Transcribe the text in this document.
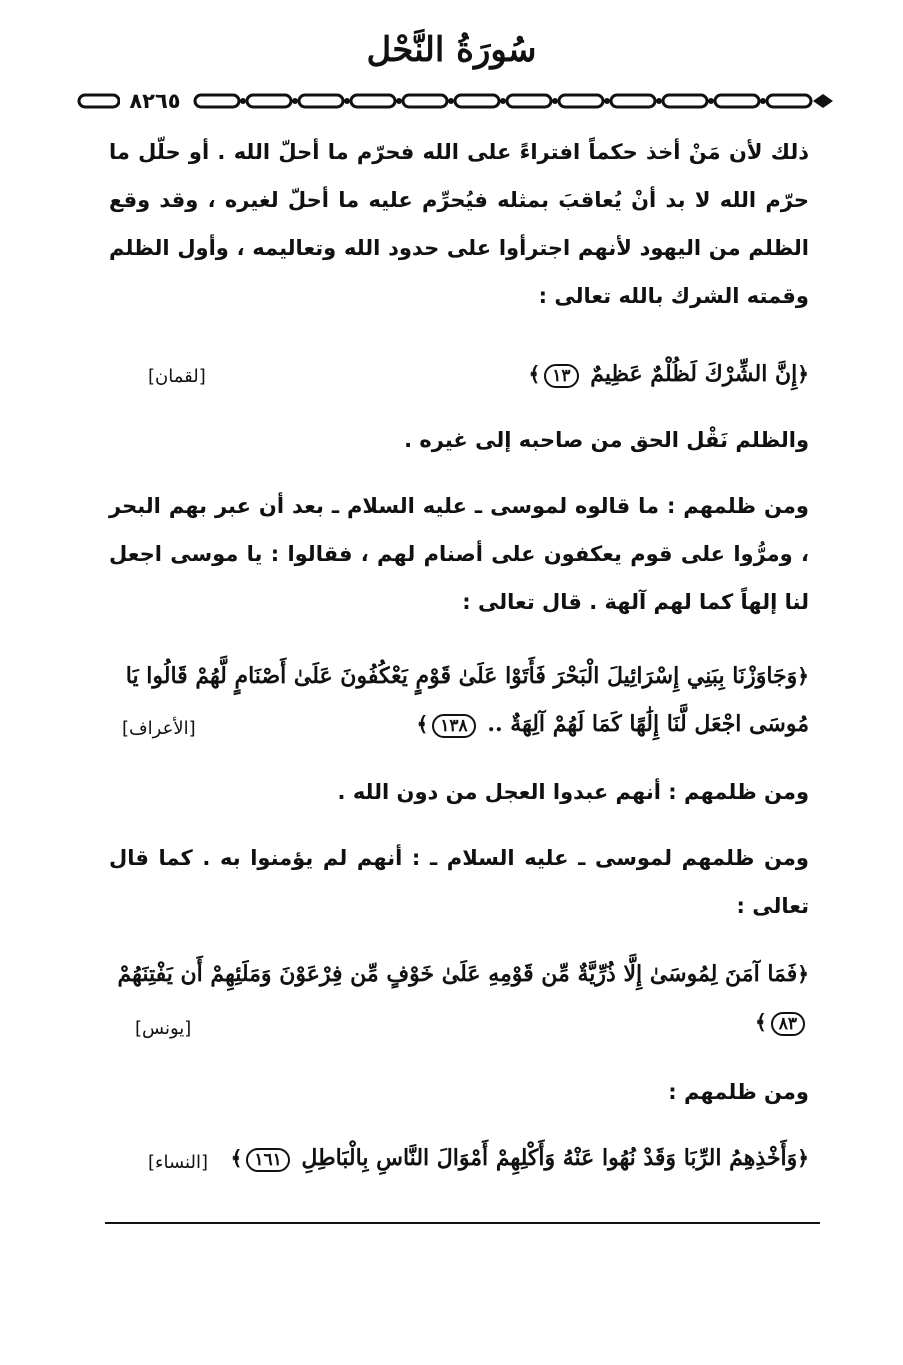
سُورَةُ النَّحْل
٨٢٦٥

ذلك لأن مَنْ أخذ حكماً افتراءً على الله فحرّم ما أحلّ الله . أو حلّل ما حرّم الله لا بد أنْ يُعاقبَ بمثله فيُحرِّم عليه ما أحلّ لغيره ، وقد وقع الظلم من اليهود لأنهم اجترأوا على حدود الله وتعاليمه ، وأول الظلم وقمته الشرك بالله تعالى :

﴿إِنَّ الشِّرْكَ لَظُلْمٌ عَظِيمٌ ١٣﴾
[لقمان]

والظلم نَقْل الحق من صاحبه إلى غيره .

ومن ظلمهم : ما قالوه لموسى ـ عليه السلام ـ بعد أن عبر بهم البحر ، ومرُّوا على قوم يعكفون على أصنام لهم ، فقالوا : يا موسى اجعل لنا إلهاً كما لهم آلهة . قال تعالى :

﴿وَجَاوَزْنَا بِبَنِي إِسْرَائِيلَ الْبَحْرَ فَأَتَوْا عَلَىٰ قَوْمٍ يَعْكُفُونَ عَلَىٰ أَصْنَامٍ لَّهُمْ قَالُوا يَا مُوسَى اجْعَل لَّنَا إِلَٰهًا كَمَا لَهُمْ آلِهَةٌ .. ١٣٨﴾
[الأعراف]

ومن ظلمهم : أنهم عبدوا العجل من دون الله .

ومن ظلمهم لموسى ـ عليه السلام ـ : أنهم لم يؤمنوا به . كما قال تعالى :

﴿فَمَا آمَنَ لِمُوسَىٰ إِلَّا ذُرِّيَّةٌ مِّن قَوْمِهِ عَلَىٰ خَوْفٍ مِّن فِرْعَوْنَ وَمَلَئِهِمْ أَن يَفْتِنَهُمْ ٨٣﴾
[يونس]

ومن ظلمهم :

﴿وَأَخْذِهِمُ الرِّبَا وَقَدْ نُهُوا عَنْهُ وَأَكْلِهِمْ أَمْوَالَ النَّاسِ بِالْبَاطِلِ ١٦١﴾
[النساء]
